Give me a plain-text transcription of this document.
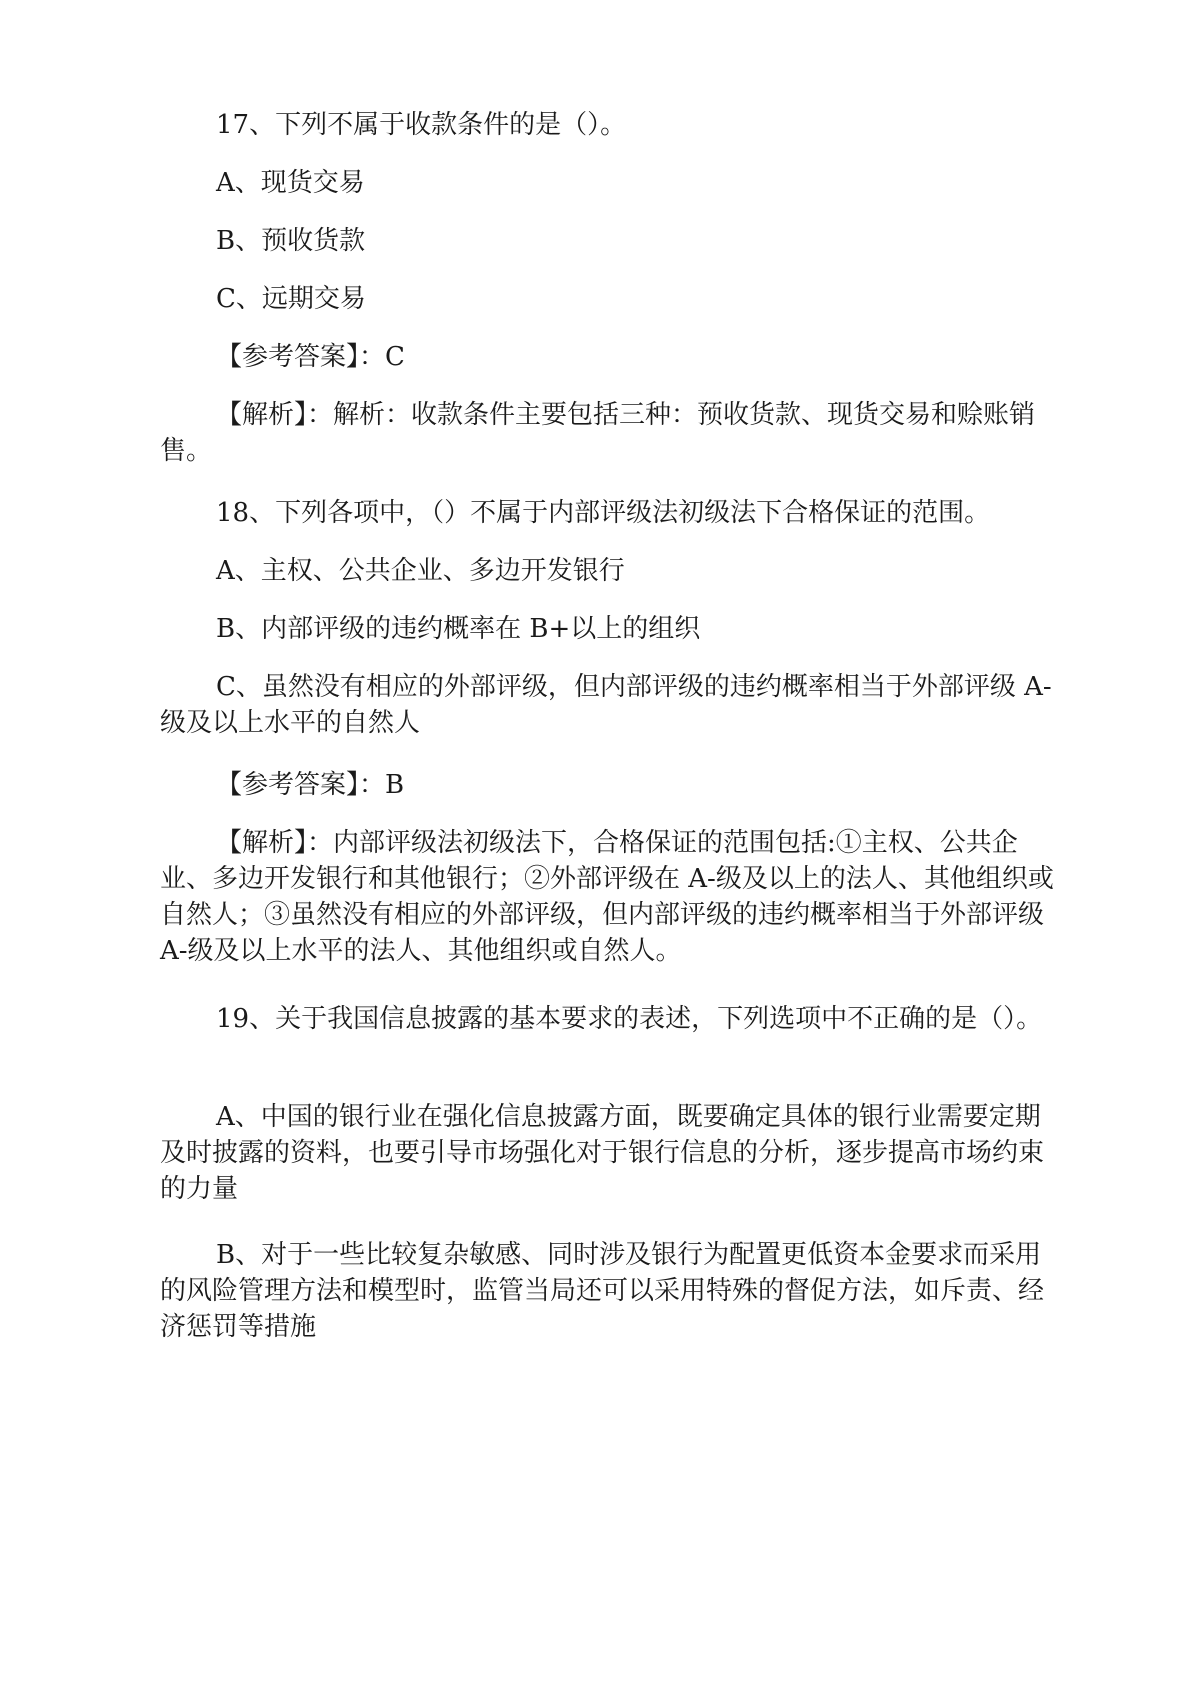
17、下列不属于收款条件的是（）。

A、现货交易

B、预收货款

C、远期交易

【参考答案】：C

【解析】：解析：收款条件主要包括三种：预收货款、现货交易和赊账销售。

18、下列各项中，（）不属于内部评级法初级法下合格保证的范围。

A、主权、公共企业、多边开发银行

B、内部评级的违约概率在 B+以上的组织

C、虽然没有相应的外部评级，但内部评级的违约概率相当于外部评级 A-级及以上水平的自然人

【参考答案】：B

【解析】：内部评级法初级法下，合格保证的范围包括:①主权、公共企业、多边开发银行和其他银行；②外部评级在 A-级及以上的法人、其他组织或自然人；③虽然没有相应的外部评级，但内部评级的违约概率相当于外部评级 A-级及以上水平的法人、其他组织或自然人。

19、关于我国信息披露的基本要求的表述，下列选项中不正确的是（）。

A、中国的银行业在强化信息披露方面，既要确定具体的银行业需要定期及时披露的资料，也要引导市场强化对于银行信息的分析，逐步提高市场约束的力量

B、对于一些比较复杂敏感、同时涉及银行为配置更低资本金要求而采用的风险管理方法和模型时，监管当局还可以采用特殊的督促方法，如斥责、经济惩罚等措施
